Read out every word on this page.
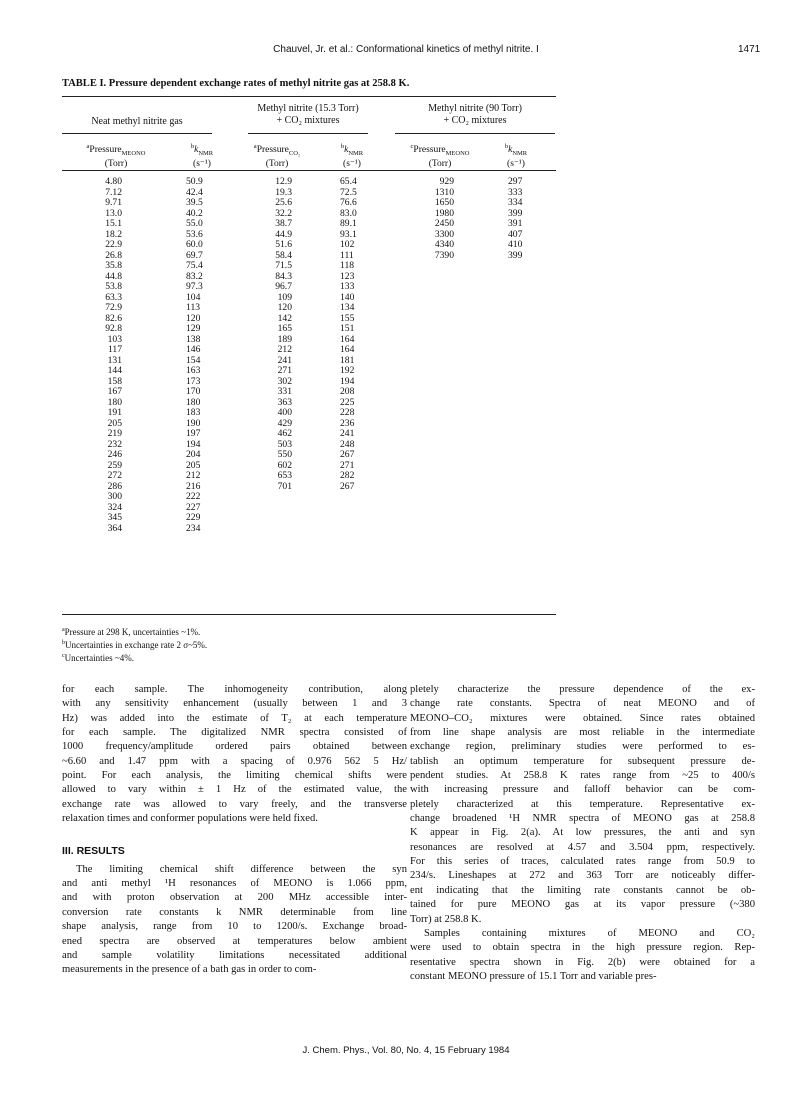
Chauvel, Jr. et al.: Conformational kinetics of methyl nitrite. I	1471
TABLE I. Pressure dependent exchange rates of methyl nitrite gas at 258.8 K.
Neat methyl nitrite gas
Methyl nitrite (15.3 Torr)
+ CO₂ mixtures
Methyl nitrite (90 Torr)
+ CO₂ mixtures
$^a$Pressure$_{MEONO}$
(Torr)
$^bk_{NMR}$
(s⁻¹)
$^a$Pressure$_{CO_2}$
(Torr)
$^bk_{NMR}$
(s⁻¹)
$^c$Pressure$_{MEONO}$
(Torr)
$^bk_{NMR}$
(s⁻¹)
4.80
7.12
9.71
13.0
15.1
18.2
22.9
26.8
35.8
44.8
53.8
63.3
72.9
82.6
92.8
103
117
131
144
158
167
180
191
205
219
232
246
259
272
286
300
324
345
364
50.9
42.4
39.5
40.2
55.0
53.6
60.0
69.7
75.4
83.2
97.3
104
113
120
129
138
146
154
163
173
170
180
183
190
197
194
204
205
212
216
222
227
229
234
12.9
19.3
25.6
32.2
38.7
44.9
51.6
58.4
71.5
84.3
96.7
109
120
142
165
189
212
241
271
302
331
363
400
429
462
503
550
602
653
701
65.4
72.5
76.6
83.0
89.1
93.1
102
111
118
123
133
140
134
155
151
164
164
181
192
194
208
225
228
236
241
248
267
271
282
267
929
1310
1650
1980
2450
3300
4340
7390
297
333
334
399
391
407
410
399
$^a$Pressure at 298 K, uncertainties ~1%.
$^b$Uncertainties in exchange rate 2 σ~5%.
$^c$Uncertainties ~4%.
for each sample. The inhomogeneity contribution, along
with any sensitivity enhancement (usually between 1 and 3
Hz) was added into the estimate of T₂ at each temperature
for each sample. The digitalized NMR spectra consisted of
1000 frequency/amplitude ordered pairs obtained between
~6.60 and 1.47 ppm with a spacing of 0.976 562 5 Hz/
point. For each analysis, the limiting chemical shifts were
allowed to vary within ± 1 Hz of the estimated value, the
exchange rate was allowed to vary freely, and the transverse
relaxation times and conformer populations were held fixed.
III. RESULTS
The limiting chemical shift difference between the syn
and anti methyl ¹H resonances of MEONO is 1.066 ppm,
and with proton observation at 200 MHz accessible inter-
conversion rate constants k NMR determinable from line
shape analysis, range from 10 to 1200/s. Exchange broad-
ened spectra are observed at temperatures below ambient
and sample volatility limitations necessitated additional
measurements in the presence of a bath gas in order to com-
pletely characterize the pressure dependence of the ex-
change rate constants. Spectra of neat MEONO and of
MEONO–CO₂ mixtures were obtained. Since rates obtained
from line shape analysis are most reliable in the intermediate
exchange region, preliminary studies were performed to es-
tablish an optimum temperature for subsequent pressure de-
pendent studies. At 258.8 K rates range from ~25 to 400/s
with increasing pressure and falloff behavior can be com-
pletely characterized at this temperature. Representative ex-
change broadened ¹H NMR spectra of MEONO gas at 258.8
K appear in Fig. 2(a). At low pressures, the anti and syn
resonances are resolved at 4.57 and 3.504 ppm, respectively.
For this series of traces, calculated rates range from 50.9 to
234/s. Lineshapes at 272 and 363 Torr are noticeably differ-
ent indicating that the limiting rate constants cannot be ob-
tained for pure MEONO gas at its vapor pressure (~380
Torr) at 258.8 K.
Samples containing mixtures of MEONO and CO₂
were used to obtain spectra in the high pressure region. Rep-
resentative spectra shown in Fig. 2(b) were obtained for a
constant MEONO pressure of 15.1 Torr and variable pres-
J. Chem. Phys., Vol. 80, No. 4, 15 February 1984
